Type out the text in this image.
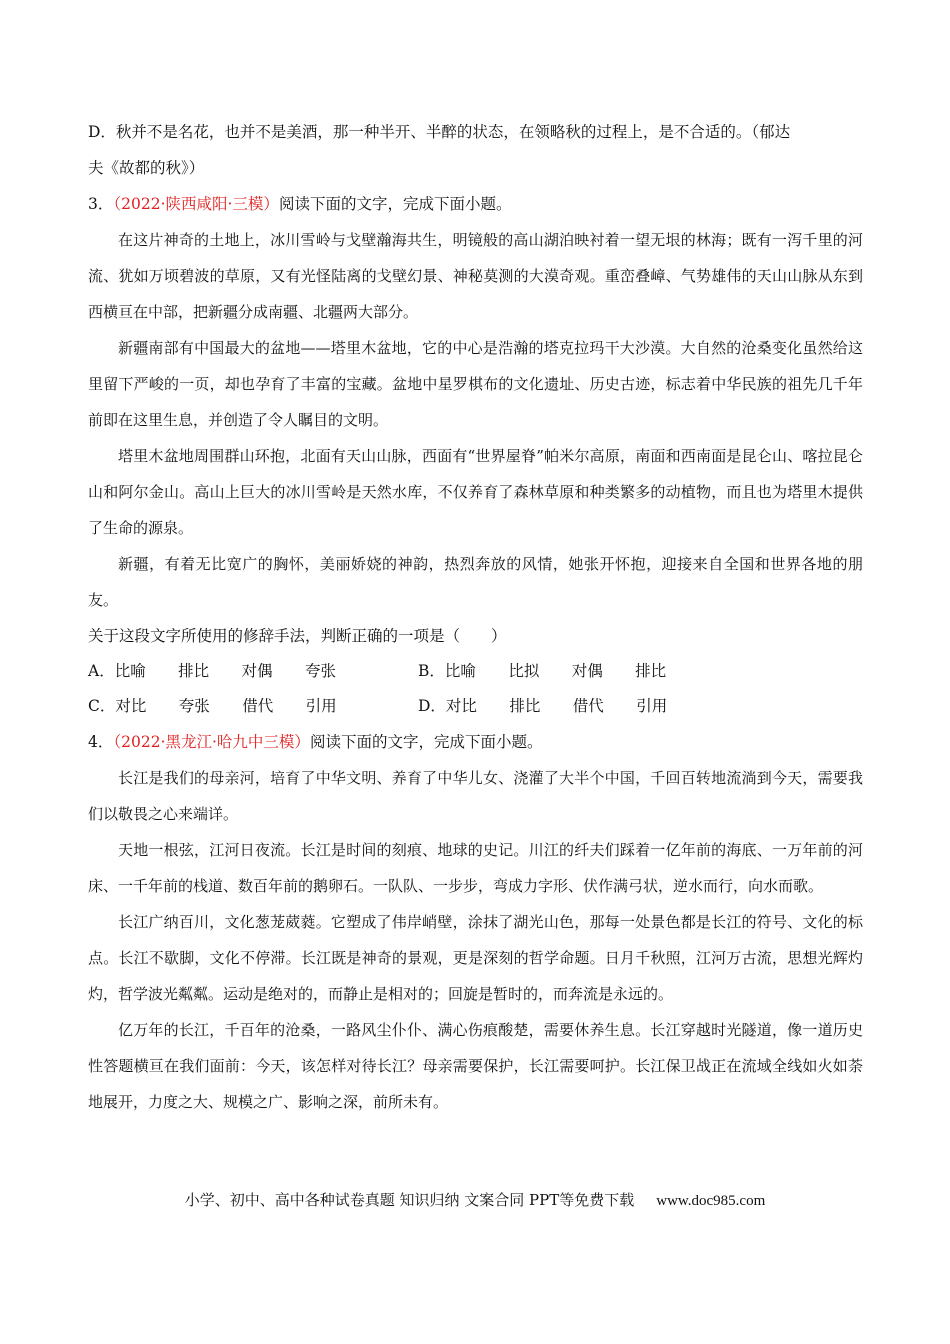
D．秋并不是名花，也并不是美酒，那一种半开、半醉的状态，在领略秋的过程上，是不合适的。（郁达
夫《故都的秋》）

3．（2022·陕西咸阳·三模）阅读下面的文字，完成下面小题。

在这片神奇的土地上，冰川雪岭与戈壁瀚海共生，明镜般的高山湖泊映衬着一望无垠的林海；既有一泻千里的河流、犹如万顷碧波的草原，又有光怪陆离的戈壁幻景、神秘莫测的大漠奇观。重峦叠嶂、气势雄伟的天山山脉从东到西横亘在中部，把新疆分成南疆、北疆两大部分。

新疆南部有中国最大的盆地——塔里木盆地，它的中心是浩瀚的塔克拉玛干大沙漠。大自然的沧桑变化虽然给这里留下严峻的一页，却也孕育了丰富的宝藏。盆地中星罗棋布的文化遗址、历史古迹，标志着中华民族的祖先几千年前即在这里生息，并创造了令人瞩目的文明。

塔里木盆地周围群山环抱，北面有天山山脉，西面有“世界屋脊”帕米尔高原，南面和西南面是昆仑山、喀拉昆仑山和阿尔金山。高山上巨大的冰川雪岭是天然水库，不仅养育了森林草原和种类繁多的动植物，而且也为塔里木提供了生命的源泉。

新疆，有着无比宽广的胸怀，美丽娇娆的神韵，热烈奔放的风情，她张开怀抱，迎接来自全国和世界各地的朋友。

关于这段文字所使用的修辞手法，判断正确的一项是（　　）

A．比喻　 排比　 对偶　 夸张	B．比喻　 比拟　 对偶　 排比
C．对比　 夸张　 借代　 引用	D．对比　 排比　 借代　 引用

4．（2022·黑龙江·哈九中三模）阅读下面的文字，完成下面小题。

长江是我们的母亲河，培育了中华文明、养育了中华儿女、浇灌了大半个中国，千回百转地流淌到今天，需要我们以敬畏之心来端详。

天地一根弦，江河日夜流。长江是时间的刻痕、地球的史记。川江的纤夫们踩着一亿年前的海底、一万年前的河床、一千年前的栈道、数百年前的鹅卵石。一队队、一步步，弯成力字形、伏作满弓状，逆水而行，向水而歌。

长江广纳百川，文化葱茏葳蕤。它塑成了伟岸峭壁，涂抹了湖光山色，那每一处景色都是长江的符号、文化的标点。长江不歇脚，文化不停滞。长江既是神奇的景观，更是深刻的哲学命题。日月千秋照，江河万古流，思想光辉灼灼，哲学波光粼粼。运动是绝对的，而静止是相对的；回旋是暂时的，而奔流是永远的。

亿万年的长江，千百年的沧桑，一路风尘仆仆、满心伤痕酸楚，需要休养生息。长江穿越时光隧道，像一道历史性答题横亘在我们面前：今天，该怎样对待长江？母亲需要保护，长江需要呵护。长江保卫战正在流域全线如火如荼地展开，力度之大、规模之广、影响之深，前所未有。

小学、初中、高中各种试卷真题 知识归纳 文案合同 PPT等免费下载 www.doc985.com
